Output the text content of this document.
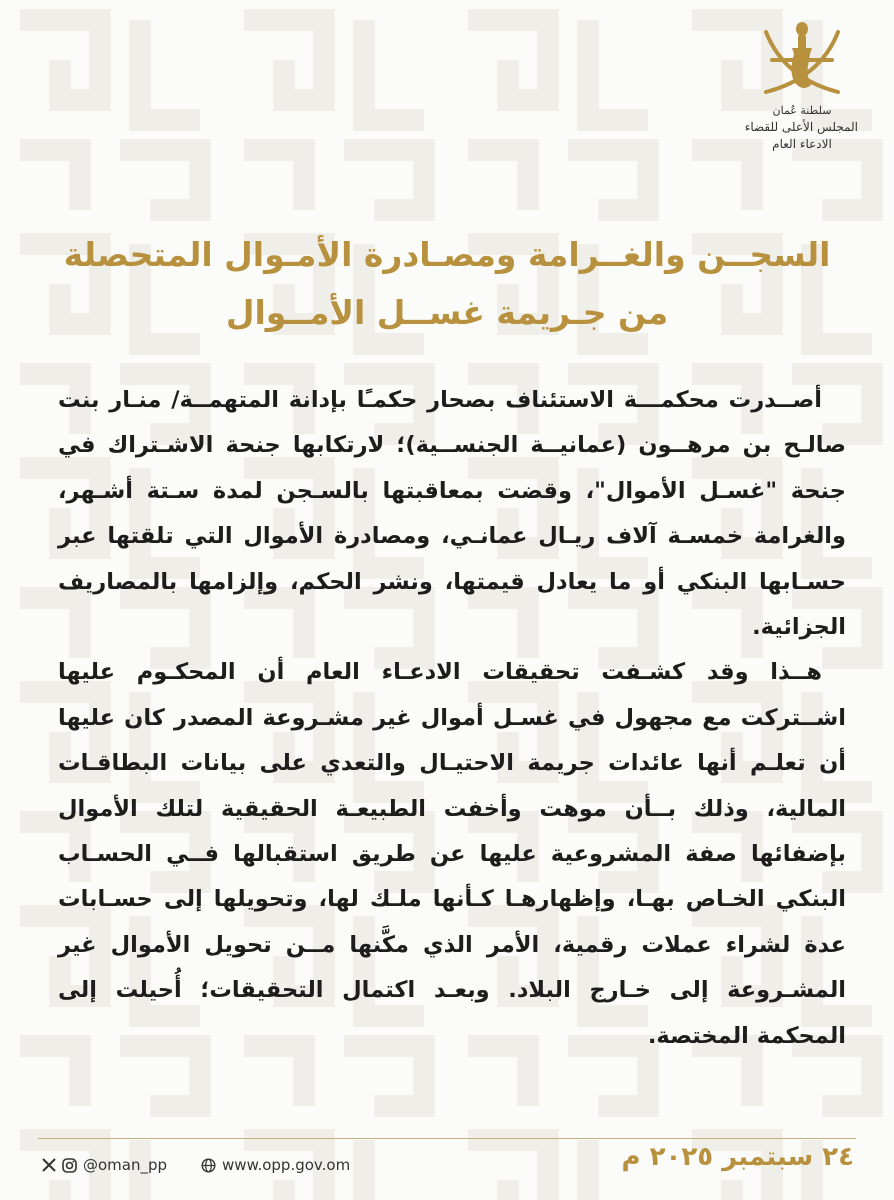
سلطنة عُمان
المجلس الأعلى للقضاء
الادعاء العام
السجــن والغــرامة ومصـادرة الأمـوال المتحصلة
من جـريمة غســل الأمــوال

أصــدرت محكمـــة الاستئناف بصحار حكمـًا بإدانة المتهمــة/ منـار بنت صالـح بن مرهــون (عمانيــة الجنســية)؛ لارتكابها جنحة الاشـتراك في جنحة "غسـل الأموال"، وقضت بمعاقبتها بالسـجن لمدة سـتة أشـهر، والغرامة خمسـة آلاف ريـال عمانـي، ومصادرة الأموال التي تلقتها عبر حسـابها البنكي أو ما يعادل قيمتها، ونشر الحكم، وإلزامها بالمصاريف الجزائية.

هــذا وقد كشـفت تحقيقات الادعـاء العام أن المحكـوم عليها اشــتركت مع مجهول في غسـل أموال غير مشـروعة المصدر كان عليها أن تعلـم أنها عائدات جريمة الاحتيـال والتعدي على بيانات البطاقـات المالية، وذلك بــأن موهت وأخفت الطبيعـة الحقيقية لتلك الأموال بإضفائها صفة المشروعية عليها عن طريق استقبالها فــي الحسـاب البنكي الخـاص بهـا، وإظهارهـا كـأنها ملـك لها، وتحويلها إلى حسـابات عدة لشراء عملات رقمية، الأمر الذي مكَّنها مــن تحويل الأموال غير المشـروعة إلى خـارج البلاد. وبعـد اكتمال التحقيقات؛ أُحيلت إلى المحكمة المختصة.

@oman_pp	www.opp.gov.om	٢٤ سبتمبر ٢٠٢٥ م
